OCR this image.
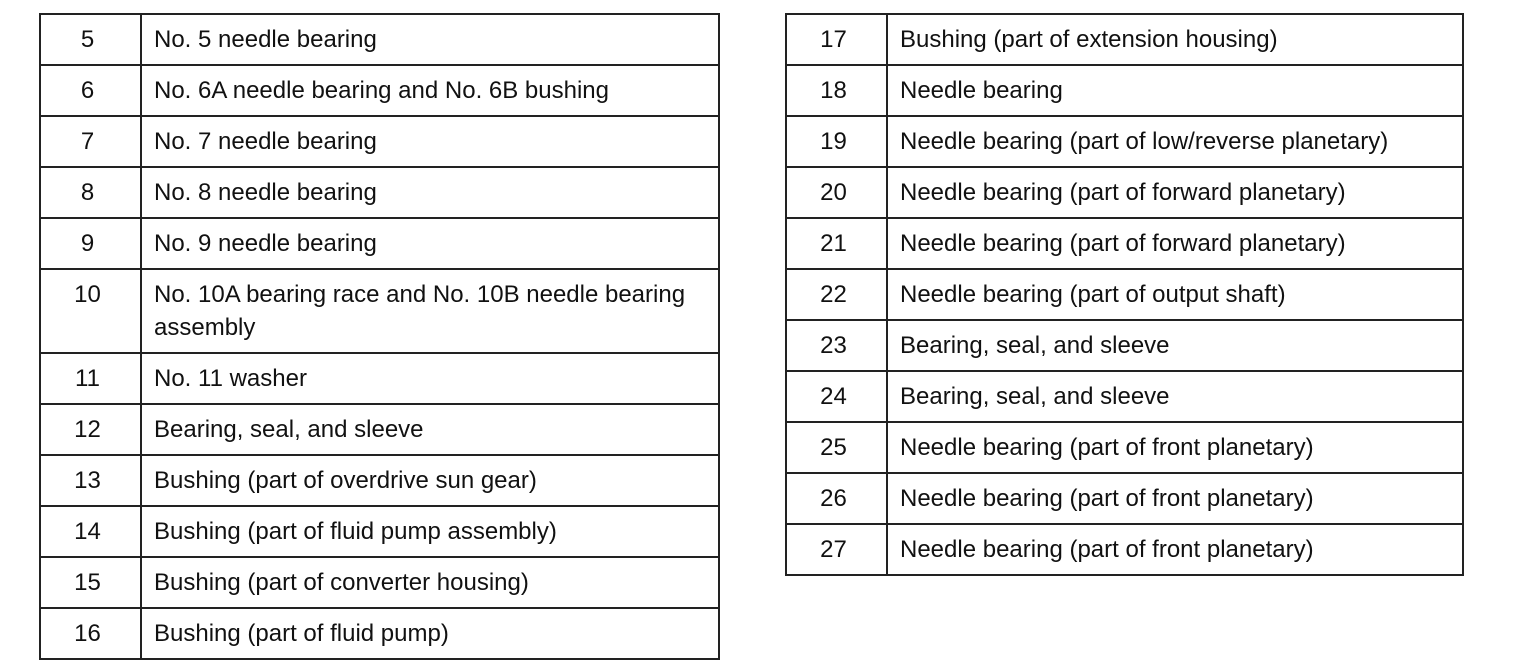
5	No. 5 needle bearing
6	No. 6A needle bearing and No. 6B bushing
7	No. 7 needle bearing
8	No. 8 needle bearing
9	No. 9 needle bearing
10	No. 10A bearing race and No. 10B needle bearing assembly
11	No. 11 washer
12	Bearing, seal, and sleeve
13	Bushing (part of overdrive sun gear)
14	Bushing (part of fluid pump assembly)
15	Bushing (part of converter housing)
16	Bushing (part of fluid pump)
17	Bushing (part of extension housing)
18	Needle bearing
19	Needle bearing (part of low/reverse planetary)
20	Needle bearing (part of forward planetary)
21	Needle bearing (part of forward planetary)
22	Needle bearing (part of output shaft)
23	Bearing, seal, and sleeve
24	Bearing, seal, and sleeve
25	Needle bearing (part of front planetary)
26	Needle bearing (part of front planetary)
27	Needle bearing (part of front planetary)
